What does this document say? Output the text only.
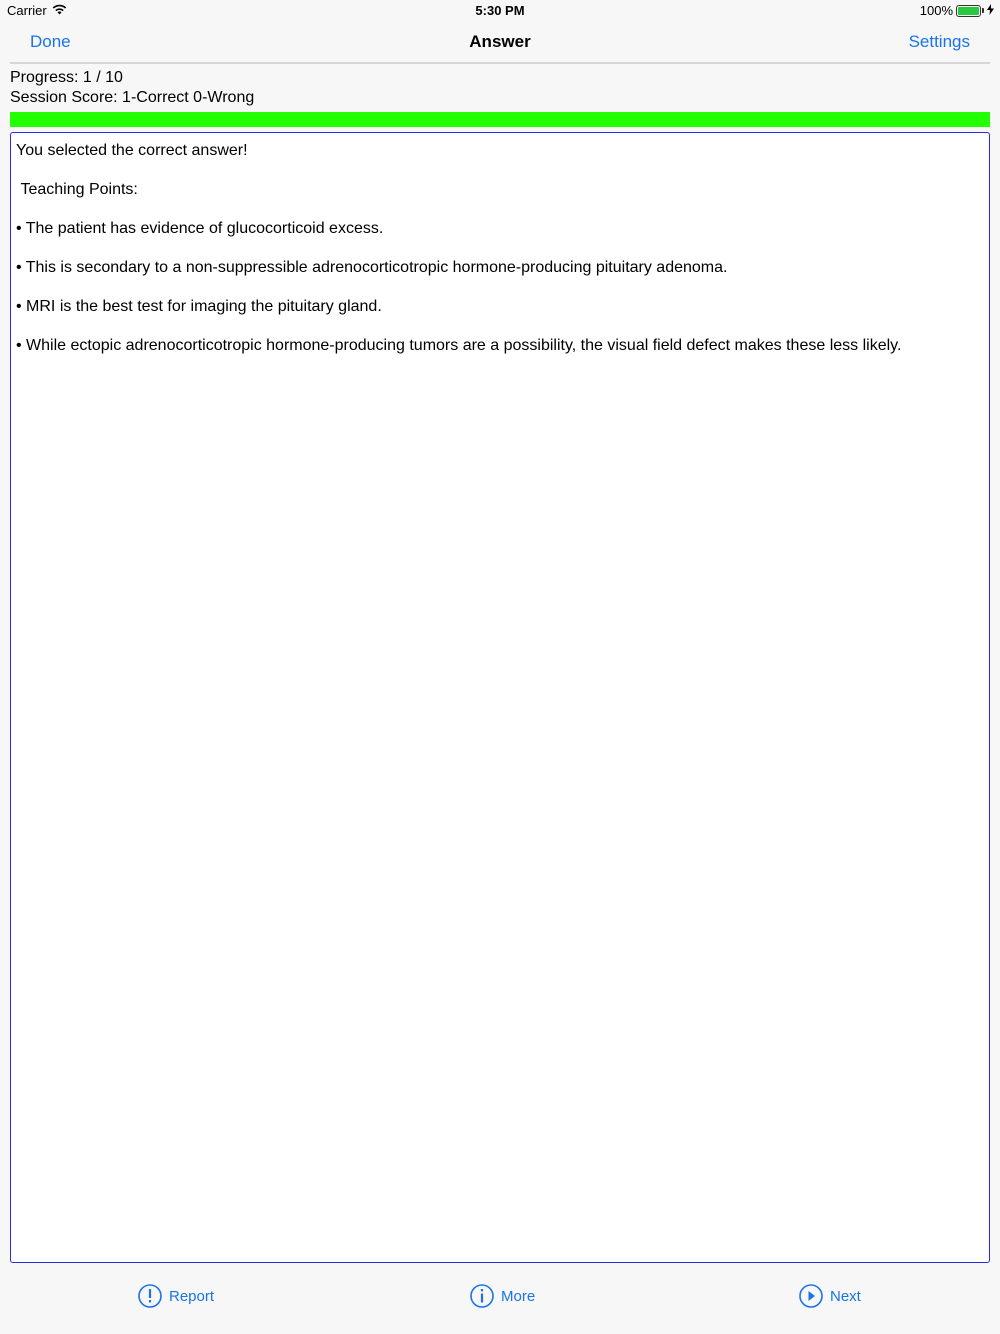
Carrier	5:30 PM	100%
Done	Answer	Settings
Progress: 1 / 10
Session Score: 1-Correct 0-Wrong

You selected the correct answer!

Teaching Points:

• The patient has evidence of glucocorticoid excess.

• This is secondary to a non-suppressible adrenocorticotropic hormone-producing pituitary adenoma.

• MRI is the best test for imaging the pituitary gland.

• While ectopic adrenocorticotropic hormone-producing tumors are a possibility, the visual field defect makes these less likely.

Report	More	Next
